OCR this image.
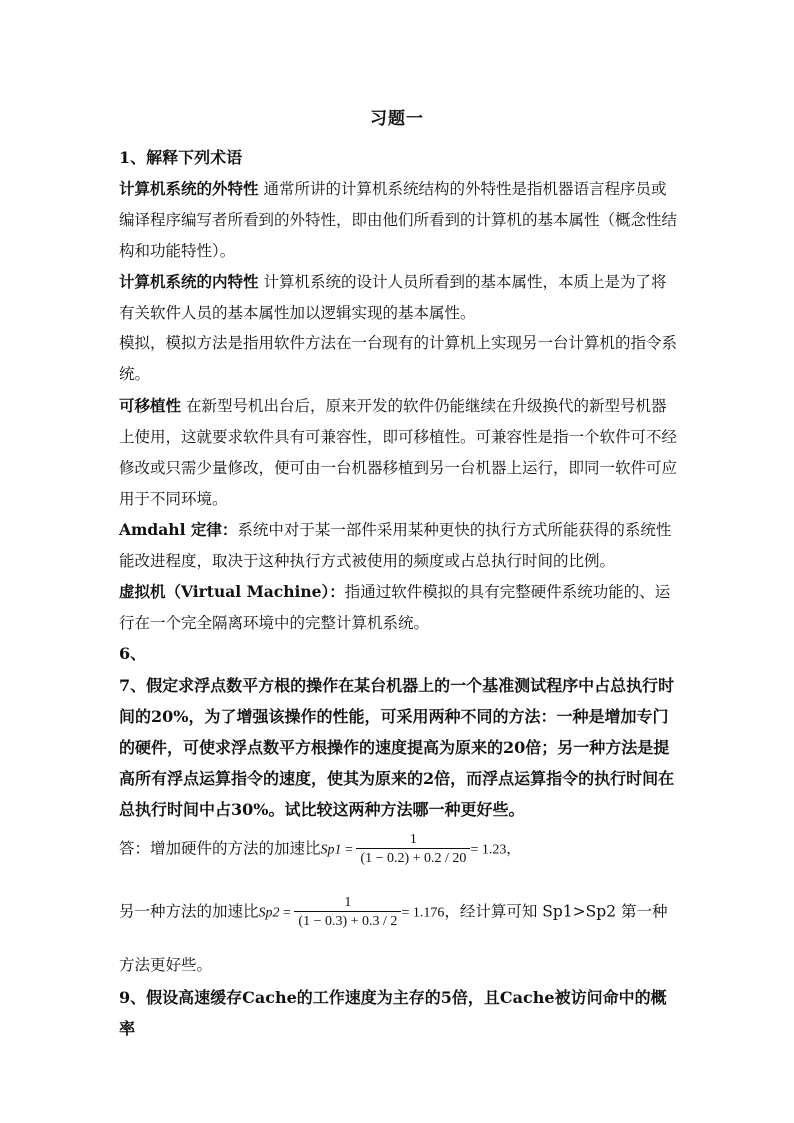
习题一

1、解释下列术语

计算机系统的外特性 通常所讲的计算机系统结构的外特性是指机器语言程序员或编译程序编写者所看到的外特性，即由他们所看到的计算机的基本属性（概念性结构和功能特性）。

计算机系统的内特性 计算机系统的设计人员所看到的基本属性，本质上是为了将有关软件人员的基本属性加以逻辑实现的基本属性。

模拟，模拟方法是指用软件方法在一台现有的计算机上实现另一台计算机的指令系统。

可移植性 在新型号机出台后，原来开发的软件仍能继续在升级换代的新型号机器上使用，这就要求软件具有可兼容性，即可移植性。可兼容性是指一个软件可不经修改或只需少量修改，便可由一台机器移植到另一台机器上运行，即同一软件可应用于不同环境。

Amdahl 定律：系统中对于某一部件采用某种更快的执行方式所能获得的系统性能改进程度，取决于这种执行方式被使用的频度或占总执行时间的比例。

虚拟机（Virtual Machine）：指通过软件模拟的具有完整硬件系统功能的、运行在一个完全隔离环境中的完整计算机系统。

6、

7、假定求浮点数平方根的操作在某台机器上的一个基准测试程序中占总执行时间的20%，为了增强该操作的性能，可采用两种不同的方法：一种是增加专门的硬件，可使求浮点数平方根操作的速度提高为原来的20倍；另一种方法是提高所有浮点运算指令的速度，使其为原来的2倍，而浮点运算指令的执行时间在总执行时间中占30%。试比较这两种方法哪一种更好些。

答：增加硬件的方法的加速比$Sp1 = \frac{1}{(1 - 0.2) + 0.2 / 20} = 1.23$，
另一种方法的加速比$Sp2 = \frac{1}{(1 - 0.3) + 0.3 / 2} = 1.176$，经计算可知 Sp1>Sp2 第一种

方法更好些。

9、假设高速缓存Cache的工作速度为主存的5倍，且Cache被访问命中的概率
